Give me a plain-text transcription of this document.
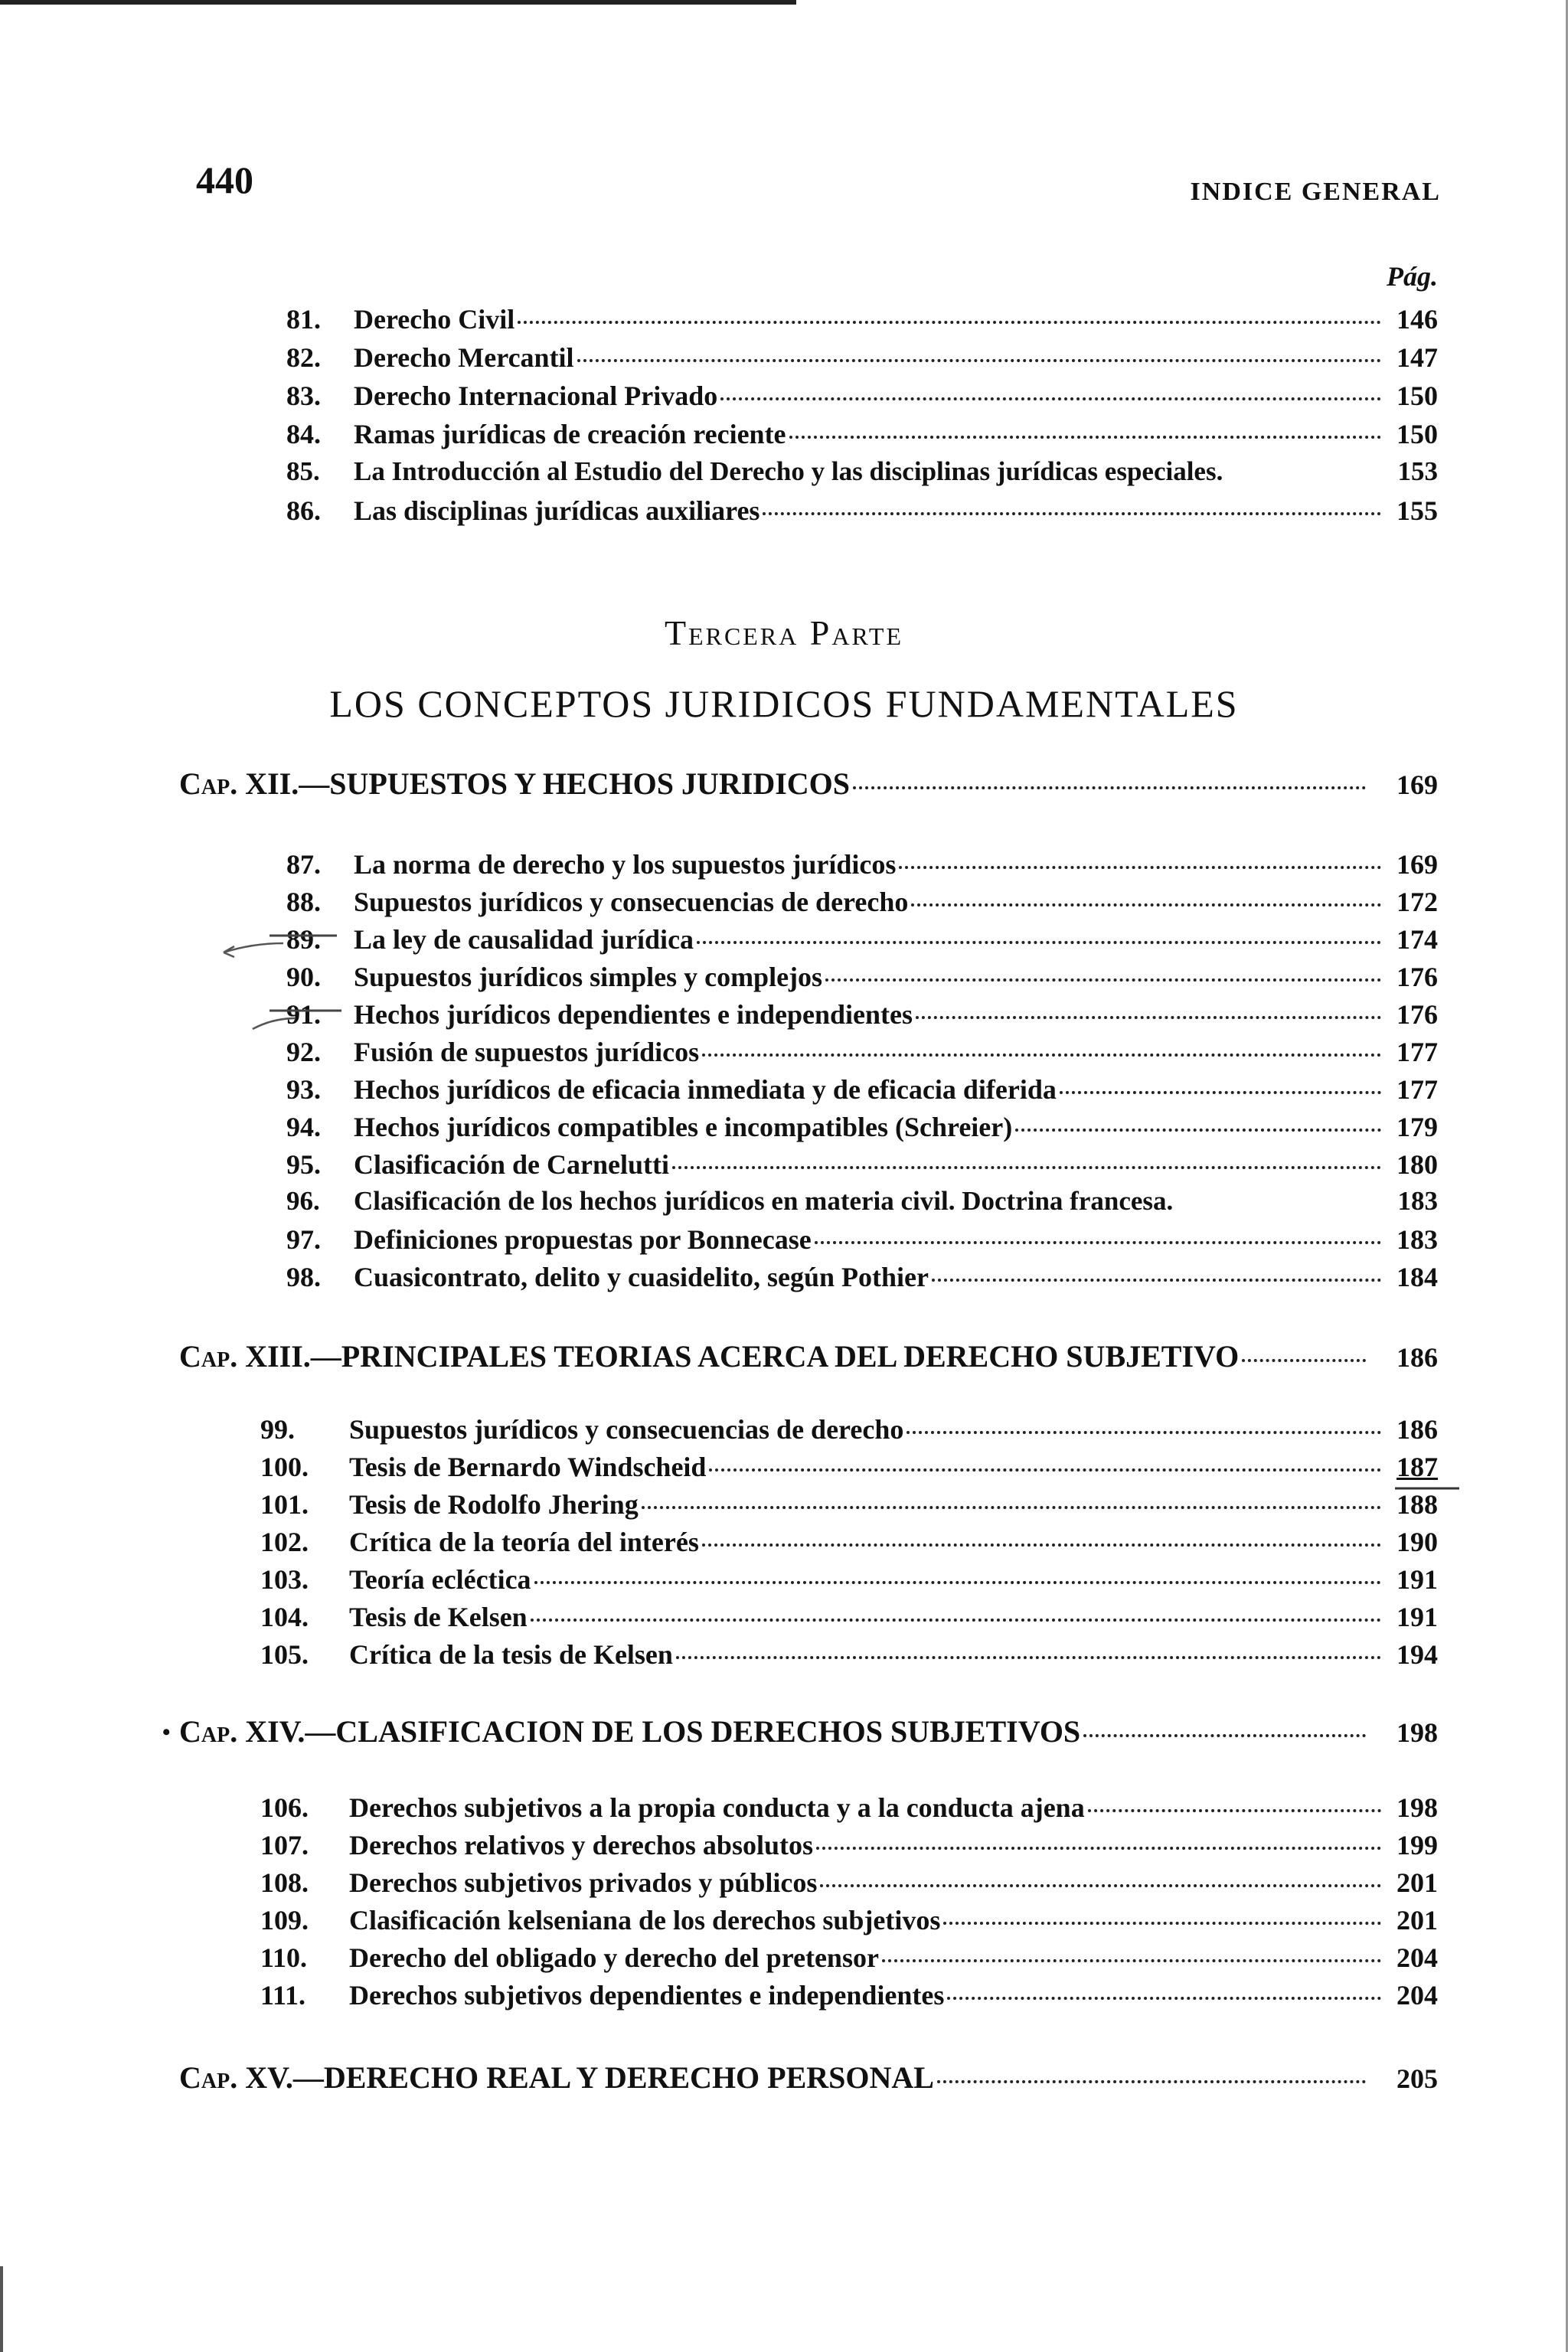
440	INDICE GENERAL
Pág.
81.	Derecho Civil	146
82.	Derecho Mercantil	147
83.	Derecho Internacional Privado	150
84.	Ramas jurídicas de creación reciente	150
85.	La Introducción al Estudio del Derecho y las disciplinas jurídicas especiales.	153
86.	Las disciplinas jurídicas auxiliares	155
Tercera Parte
LOS CONCEPTOS JURIDICOS FUNDAMENTALES
Cap. XII.—SUPUESTOS Y HECHOS JURIDICOS	169
87.	La norma de derecho y los supuestos jurídicos	169
88.	Supuestos jurídicos y consecuencias de derecho	172
89.	La ley de causalidad jurídica	174
90.	Supuestos jurídicos simples y complejos	176
91.	Hechos jurídicos dependientes e independientes	176
92.	Fusión de supuestos jurídicos	177
93.	Hechos jurídicos de eficacia inmediata y de eficacia diferida	177
94.	Hechos jurídicos compatibles e incompatibles (Schreier)	179
95.	Clasificación de Carnelutti	180
96.	Clasificación de los hechos jurídicos en materia civil. Doctrina francesa.	183
97.	Definiciones propuestas por Bonnecase	183
98.	Cuasicontrato, delito y cuasidelito, según Pothier	184
Cap. XIII.—PRINCIPALES TEORIAS ACERCA DEL DERECHO SUBJETIVO	186
99.	Supuestos jurídicos y consecuencias de derecho	186
100.	Tesis de Bernardo Windscheid	187
101.	Tesis de Rodolfo Jhering	188
102.	Crítica de la teoría del interés	190
103.	Teoría ecléctica	191
104.	Tesis de Kelsen	191
105.	Crítica de la tesis de Kelsen	194
• Cap. XIV.—CLASIFICACION DE LOS DERECHOS SUBJETIVOS	198
106.	Derechos subjetivos a la propia conducta y a la conducta ajena	198
107.	Derechos relativos y derechos absolutos	199
108.	Derechos subjetivos privados y públicos	201
109.	Clasificación kelseniana de los derechos subjetivos	201
110.	Derecho del obligado y derecho del pretensor	204
111.	Derechos subjetivos dependientes e independientes	204
Cap. XV.—DERECHO REAL Y DERECHO PERSONAL	205
